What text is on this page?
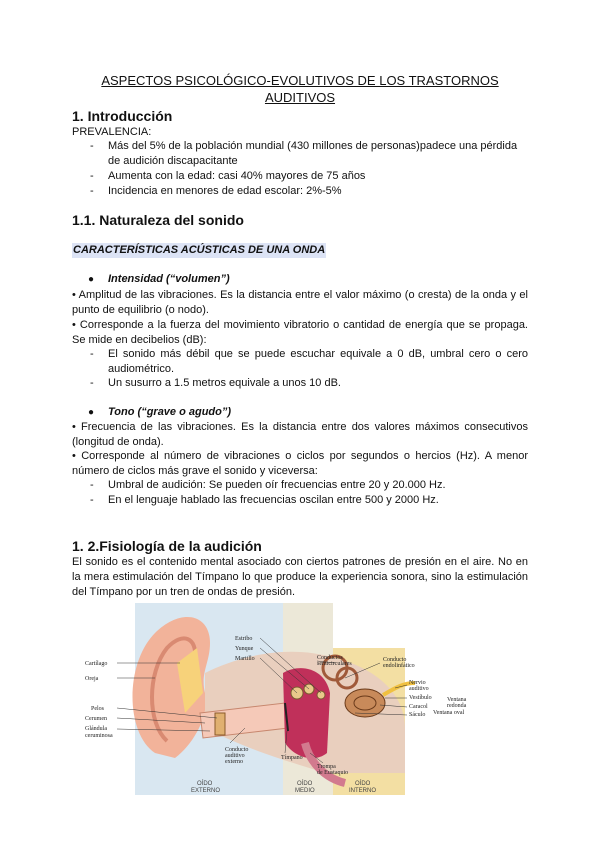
ASPECTOS PSICOLÓGICO-EVOLUTIVOS DE LOS TRASTORNOS AUDITIVOS
1. Introducción
PREVALENCIA:
- Más del 5% de la población mundial (430 millones de personas)padece una pérdida de audición discapacitante
- Aumenta con la edad: casi 40% mayores de 75 años
- Incidencia en menores de edad escolar: 2%-5%
1.1. Naturaleza del sonido
CARACTERÍSTICAS ACÚSTICAS DE UNA ONDA
● Intensidad (“volumen”)
• Amplitud de las vibraciones. Es la distancia entre el valor máximo (o cresta) de la onda y el punto de equilibrio (o nodo).
• Corresponde a la fuerza del movimiento vibratorio o cantidad de energía que se propaga. Se mide en decibelios (dB):
- El sonido más débil que se puede escuchar equivale a 0 dB, umbral cero o cero audiométrico.
- Un susurro a 1.5 metros equivale a unos 10 dB.
● Tono (“grave o agudo”)
• Frecuencia de las vibraciones. Es la distancia entre dos valores máximos consecutivos (longitud de onda).
• Corresponde al número de vibraciones o ciclos por segundos o hercios (Hz). A menor número de ciclos más grave el sonido y viceversa:
- Umbral de audición: Se pueden oír frecuencias entre 20 y 20.000 Hz.
- En el lenguaje hablado las frecuencias oscilan entre 500 y 2000 Hz.
1. 2.Fisiología de la audición
El sonido es el contenido mental asociado con ciertos patrones de presión en el aire. No en la mera estimulación del Tímpano lo que produce la experiencia sonora, sino la estimulación del Tímpano por un tren de ondas de presión.
Cartílago
Oreja
Pelos
Cerumen
Glándula
ceruminosa
Estribo
Yunque
Martillo	Conductos
semicirculares
Conducto
endolinfático
Nervio
auditivo
Vestíbulo
Caracol
Ventana
redonda
Ventana oval
Sáculo
Conducto
auditivo
externo
Tímpano
Trompa
de Eustaquio
OÍDO
EXTERNO
OÍDO
MEDIO
OÍDO
INTERNO
